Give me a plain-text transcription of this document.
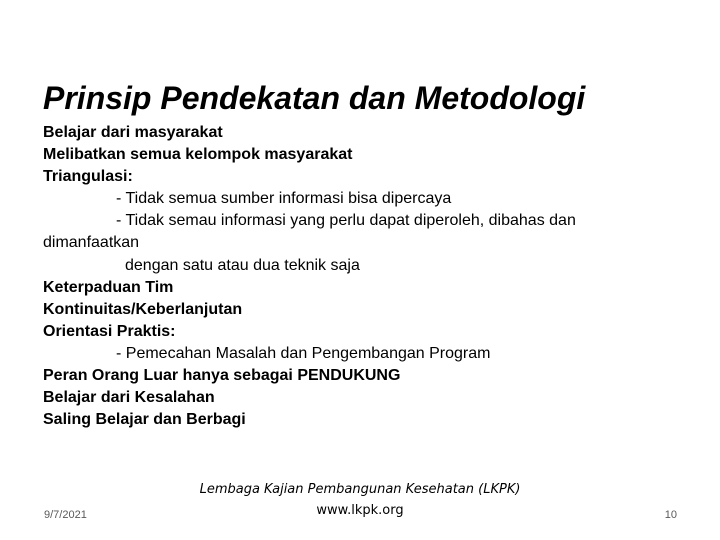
Prinsip Pendekatan dan Metodologi
Belajar dari masyarakat
Melibatkan semua kelompok masyarakat
Triangulasi:
- Tidak semua sumber informasi bisa dipercaya
- Tidak semau informasi yang perlu dapat diperoleh, dibahas dan
dimanfaatkan
dengan satu atau dua teknik saja
Keterpaduan Tim
Kontinuitas/Keberlanjutan
Orientasi Praktis:
- Pemecahan Masalah dan Pengembangan Program
Peran Orang Luar hanya sebagai PENDUKUNG
Belajar dari Kesalahan
Saling Belajar dan Berbagi
9/7/2021
Lembaga Kajian Pembangunan Kesehatan (LKPK)
www.lkpk.org	10
